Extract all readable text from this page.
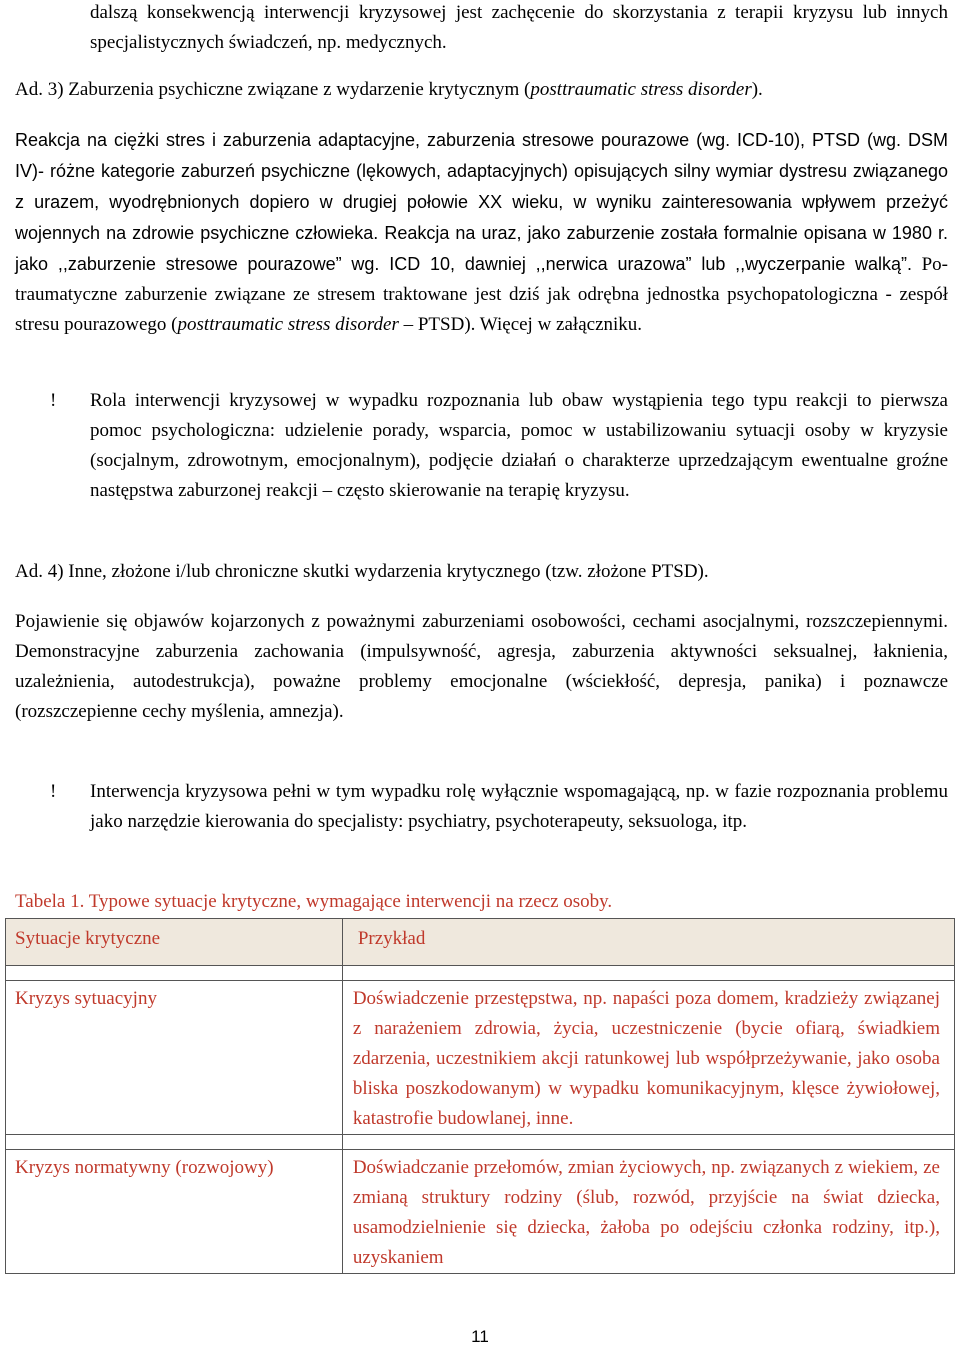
dalszą konsekwencją interwencji kryzysowej jest zachęcenie do skorzystania z terapii kryzysu lub innych specjalistycznych świadczeń, np. medycznych.
Ad. 3) Zaburzenia psychiczne związane z wydarzenie krytycznym (posttraumatic stress disorder).
Reakcja na ciężki stres i zaburzenia adaptacyjne, zaburzenia stresowe pourazowe (wg. ICD-10), PTSD (wg. DSM IV)- różne kategorie zaburzeń psychiczne (lękowych, adaptacyjnych) opisujących silny wymiar dystresu związanego z urazem, wyodrębnionych dopiero w drugiej połowie XX wieku, w wyniku zainteresowania wpływem przeżyć wojennych na zdrowie psychiczne człowieka. Reakcja na uraz, jako zaburzenie została formalnie opisana w 1980 r. jako ,,zaburzenie stresowe pourazowe” wg. ICD 10, dawniej ,,nerwica urazowa” lub ,,wyczerpanie walką”. Po-traumatyczne zaburzenie związane ze stresem traktowane jest dziś jak odrębna jednostka psychopatologiczna - zespół stresu pourazowego (posttraumatic stress disorder – PTSD). Więcej w załączniku.
! Rola interwencji kryzysowej w wypadku rozpoznania lub obaw wystąpienia tego typu reakcji to pierwsza pomoc psychologiczna: udzielenie porady, wsparcia, pomoc w ustabilizowaniu sytuacji osoby w kryzysie (socjalnym, zdrowotnym, emocjonalnym), podjęcie działań o charakterze uprzedzającym ewentualne groźne następstwa zaburzonej reakcji – często skierowanie na terapię kryzysu.
Ad. 4) Inne, złożone i/lub chroniczne skutki wydarzenia krytycznego (tzw. złożone PTSD).
Pojawienie się objawów kojarzonych z poważnymi zaburzeniami osobowości, cechami asocjalnymi, rozszczepiennymi. Demonstracyjne zaburzenia zachowania (impulsywność, agresja, zaburzenia aktywności seksualnej, łaknienia, uzależnienia, autodestrukcja), poważne problemy emocjonalne (wściekłość, depresja, panika) i poznawcze (rozszczepienne cechy myślenia, amnezja).
! Interwencja kryzysowa pełni w tym wypadku rolę wyłącznie wspomagającą, np. w fazie rozpoznania problemu jako narzędzie kierowania do specjalisty: psychiatry, psychoterapeuty, seksuologa, itp.
Tabela 1. Typowe sytuacje krytyczne, wymagające interwencji na rzecz osoby.
Sytuacje krytyczne	Przykład

Kryzys sytuacyjny	Doświadczenie przestępstwa, np. napaści poza domem, kradzieży związanej z narażeniem zdrowia, życia, uczestniczenie (bycie ofiarą, świadkiem zdarzenia, uczestnikiem akcji ratunkowej lub współprzeżywanie, jako osoba bliska poszkodowanym) w wypadku komunikacyjnym, klęsce żywiołowej, katastrofie budowlanej, inne.

Kryzys normatywny (rozwojowy)	Doświadczanie przełomów, zmian życiowych, np. związanych z wiekiem, ze zmianą struktury rodziny (ślub, rozwód, przyjście na świat dziecka, usamodzielnienie się dziecka, żałoba po odejściu członka rodziny, itp.), uzyskaniem
11
